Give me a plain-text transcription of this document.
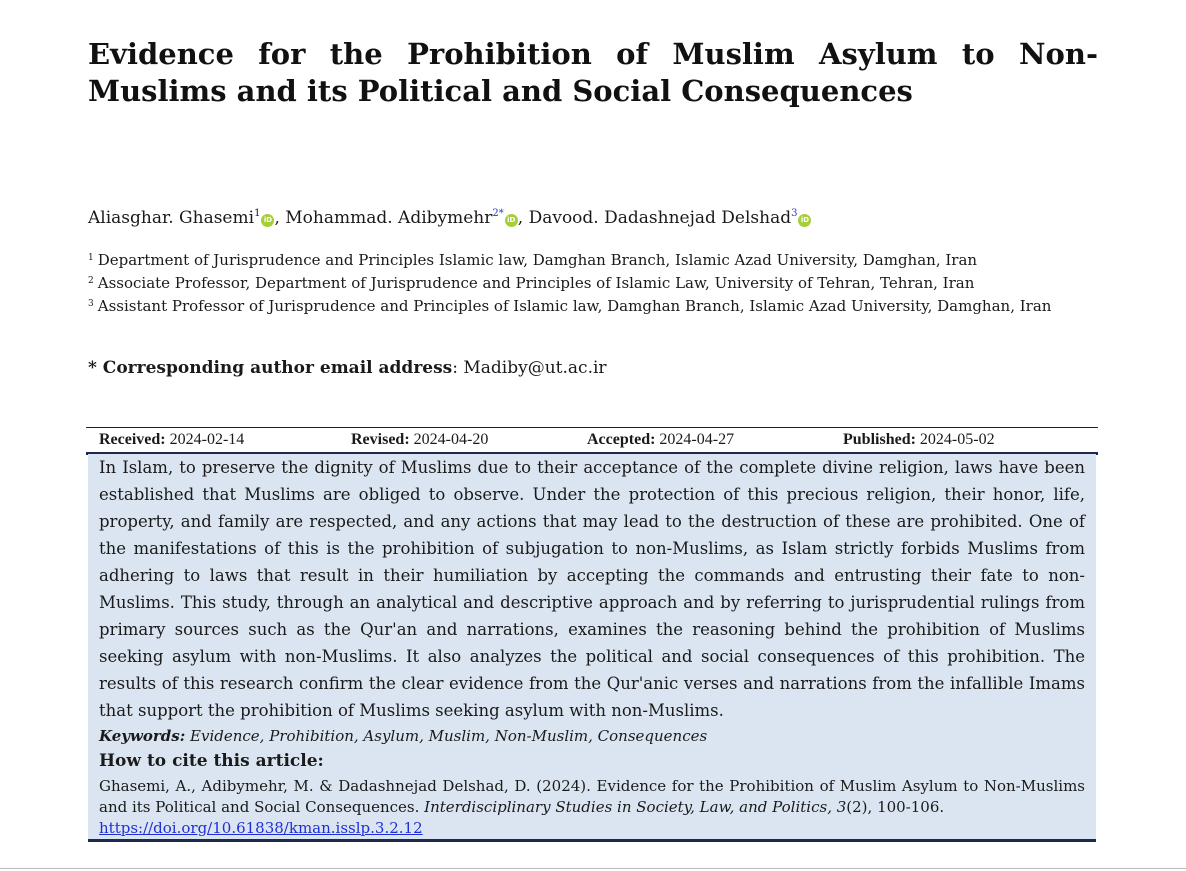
Evidence for the Prohibition of Muslim Asylum to Non-Muslims and its Political and Social Consequences

Aliasghar. Ghasemi$^1$iD , Mohammad. Adibymehr$^{2*}$iD , Davood. Dadashnejad Delshad$^3$iD

$^1$ Department of Jurisprudence and Principles Islamic law, Damghan Branch, Islamic Azad University, Damghan, Iran
$^2$ Associate Professor, Department of Jurisprudence and Principles of Islamic Law, University of Tehran, Tehran, Iran
$^3$ Assistant Professor of Jurisprudence and Principles of Islamic law, Damghan Branch, Islamic Azad University, Damghan, Iran

* Corresponding author email address: Madiby@ut.ac.ir

Received: 2024-02-14	Revised: 2024-04-20	Accepted: 2024-04-27	Published: 2024-05-02

In Islam, to preserve the dignity of Muslims due to their acceptance of the complete divine religion, laws have been established that Muslims are obliged to observe. Under the protection of this precious religion, their honor, life, property, and family are respected, and any actions that may lead to the destruction of these are prohibited. One of the manifestations of this is the prohibition of subjugation to non-Muslims, as Islam strictly forbids Muslims from adhering to laws that result in their humiliation by accepting the commands and entrusting their fate to non-Muslims. This study, through an analytical and descriptive approach and by referring to jurisprudential rulings from primary sources such as the Qur'an and narrations, examines the reasoning behind the prohibition of Muslims seeking asylum with non-Muslims. It also analyzes the political and social consequences of this prohibition. The results of this research confirm the clear evidence from the Qur'anic verses and narrations from the infallible Imams that support the prohibition of Muslims seeking asylum with non-Muslims.

Keywords: Evidence, Prohibition, Asylum, Muslim, Non-Muslim, Consequences

How to cite this article:

Ghasemi, A., Adibymehr, M. & Dadashnejad Delshad, D. (2024). Evidence for the Prohibition of Muslim Asylum to Non-Muslims and its Political and Social Consequences. Interdisciplinary Studies in Society, Law, and Politics, 3(2), 100-106.
https://doi.org/10.61838/kman.isslp.3.2.12
